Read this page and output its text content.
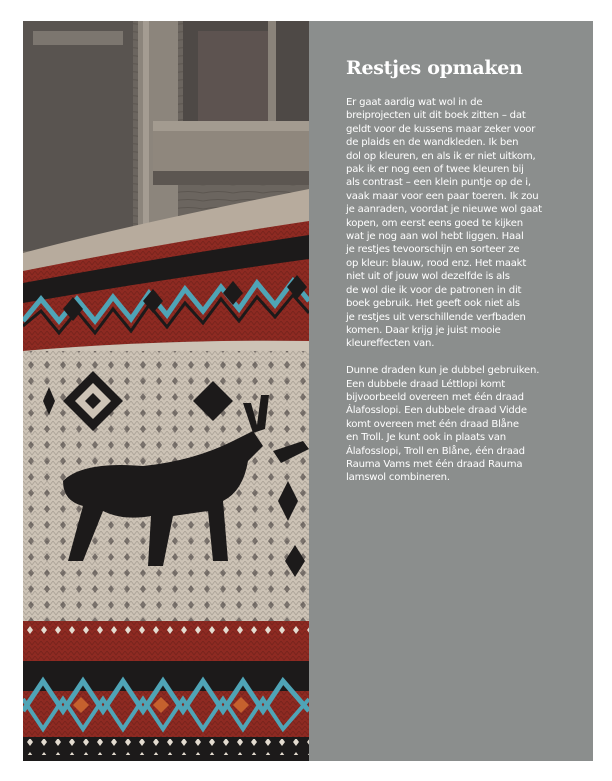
Restjes opmaken
Er gaat aardig wat wol in de
breiprojecten uit dit boek zitten – dat
geldt voor de kussens maar zeker voor
de plaids en de wandkleden. Ik ben
dol op kleuren, en als ik er niet uitkom,
pak ik er nog een of twee kleuren bij
als contrast – een klein puntje op de i,
vaak maar voor een paar toeren. Ik zou
je aanraden, voordat je nieuwe wol gaat
kopen, om eerst eens goed te kijken
wat je nog aan wol hebt liggen. Haal
je restjes tevoorschijn en sorteer ze
op kleur: blauw, rood enz. Het maakt
niet uit of jouw wol dezelfde is als
de wol die ik voor de patronen in dit
boek gebruik. Het geeft ook niet als
je restjes uit verschillende verfbaden
komen. Daar krijg je juist mooie
kleureffecten van.
Dunne draden kun je dubbel gebruiken.
Een dubbele draad Léttlopi komt
bijvoorbeeld overeen met één draad
Álafosslopi. Een dubbele draad Vidde
komt overeen met één draad Blåne
en Troll. Je kunt ook in plaats van
Álafosslopi, Troll en Blåne, één draad
Rauma Vams met één draad Rauma
lamswol combineren.
